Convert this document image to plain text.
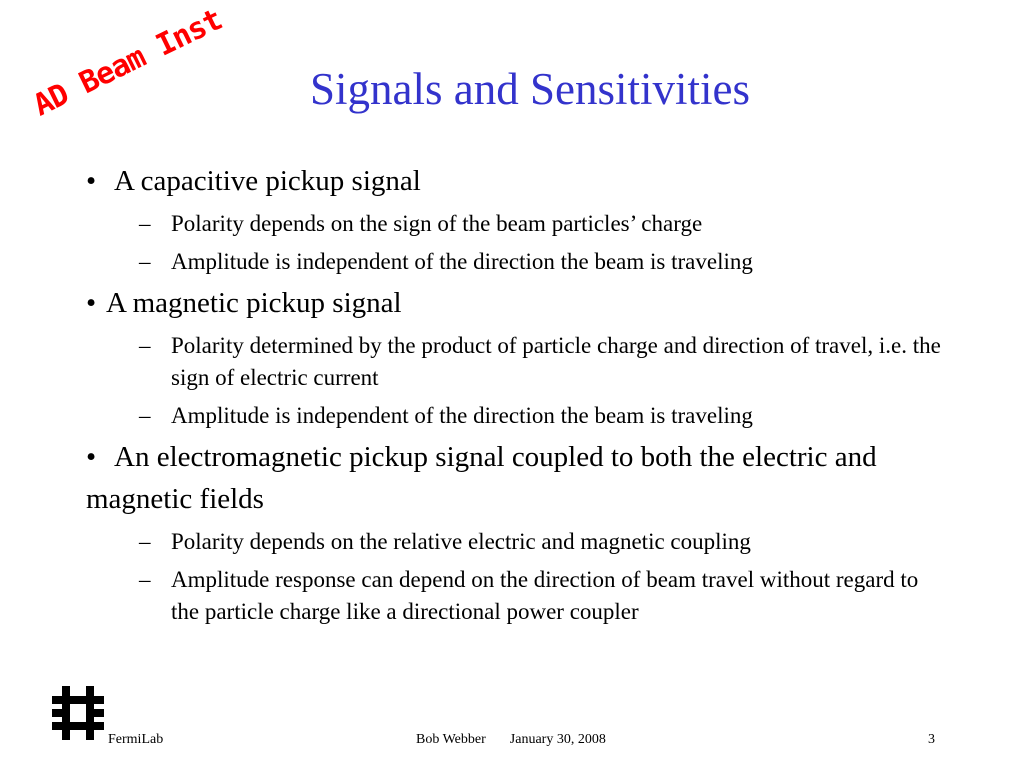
AD Beam Inst	Signals and Sensitivities
• A capacitive pickup signal
– Polarity depends on the sign of the beam particles’ charge
– Amplitude is independent of the direction the beam is traveling
• A magnetic pickup signal
– Polarity determined by the product of particle charge and direction of travel, i.e. the sign of electric current
– Amplitude is independent of the direction the beam is traveling
• An electromagnetic pickup signal coupled to both the electric and magnetic fields
– Polarity depends on the relative electric and magnetic coupling
– Amplitude response can depend on the direction of beam travel without regard to the particle charge like a directional power coupler
FermiLab	Bob Webber January 30, 2008	3
